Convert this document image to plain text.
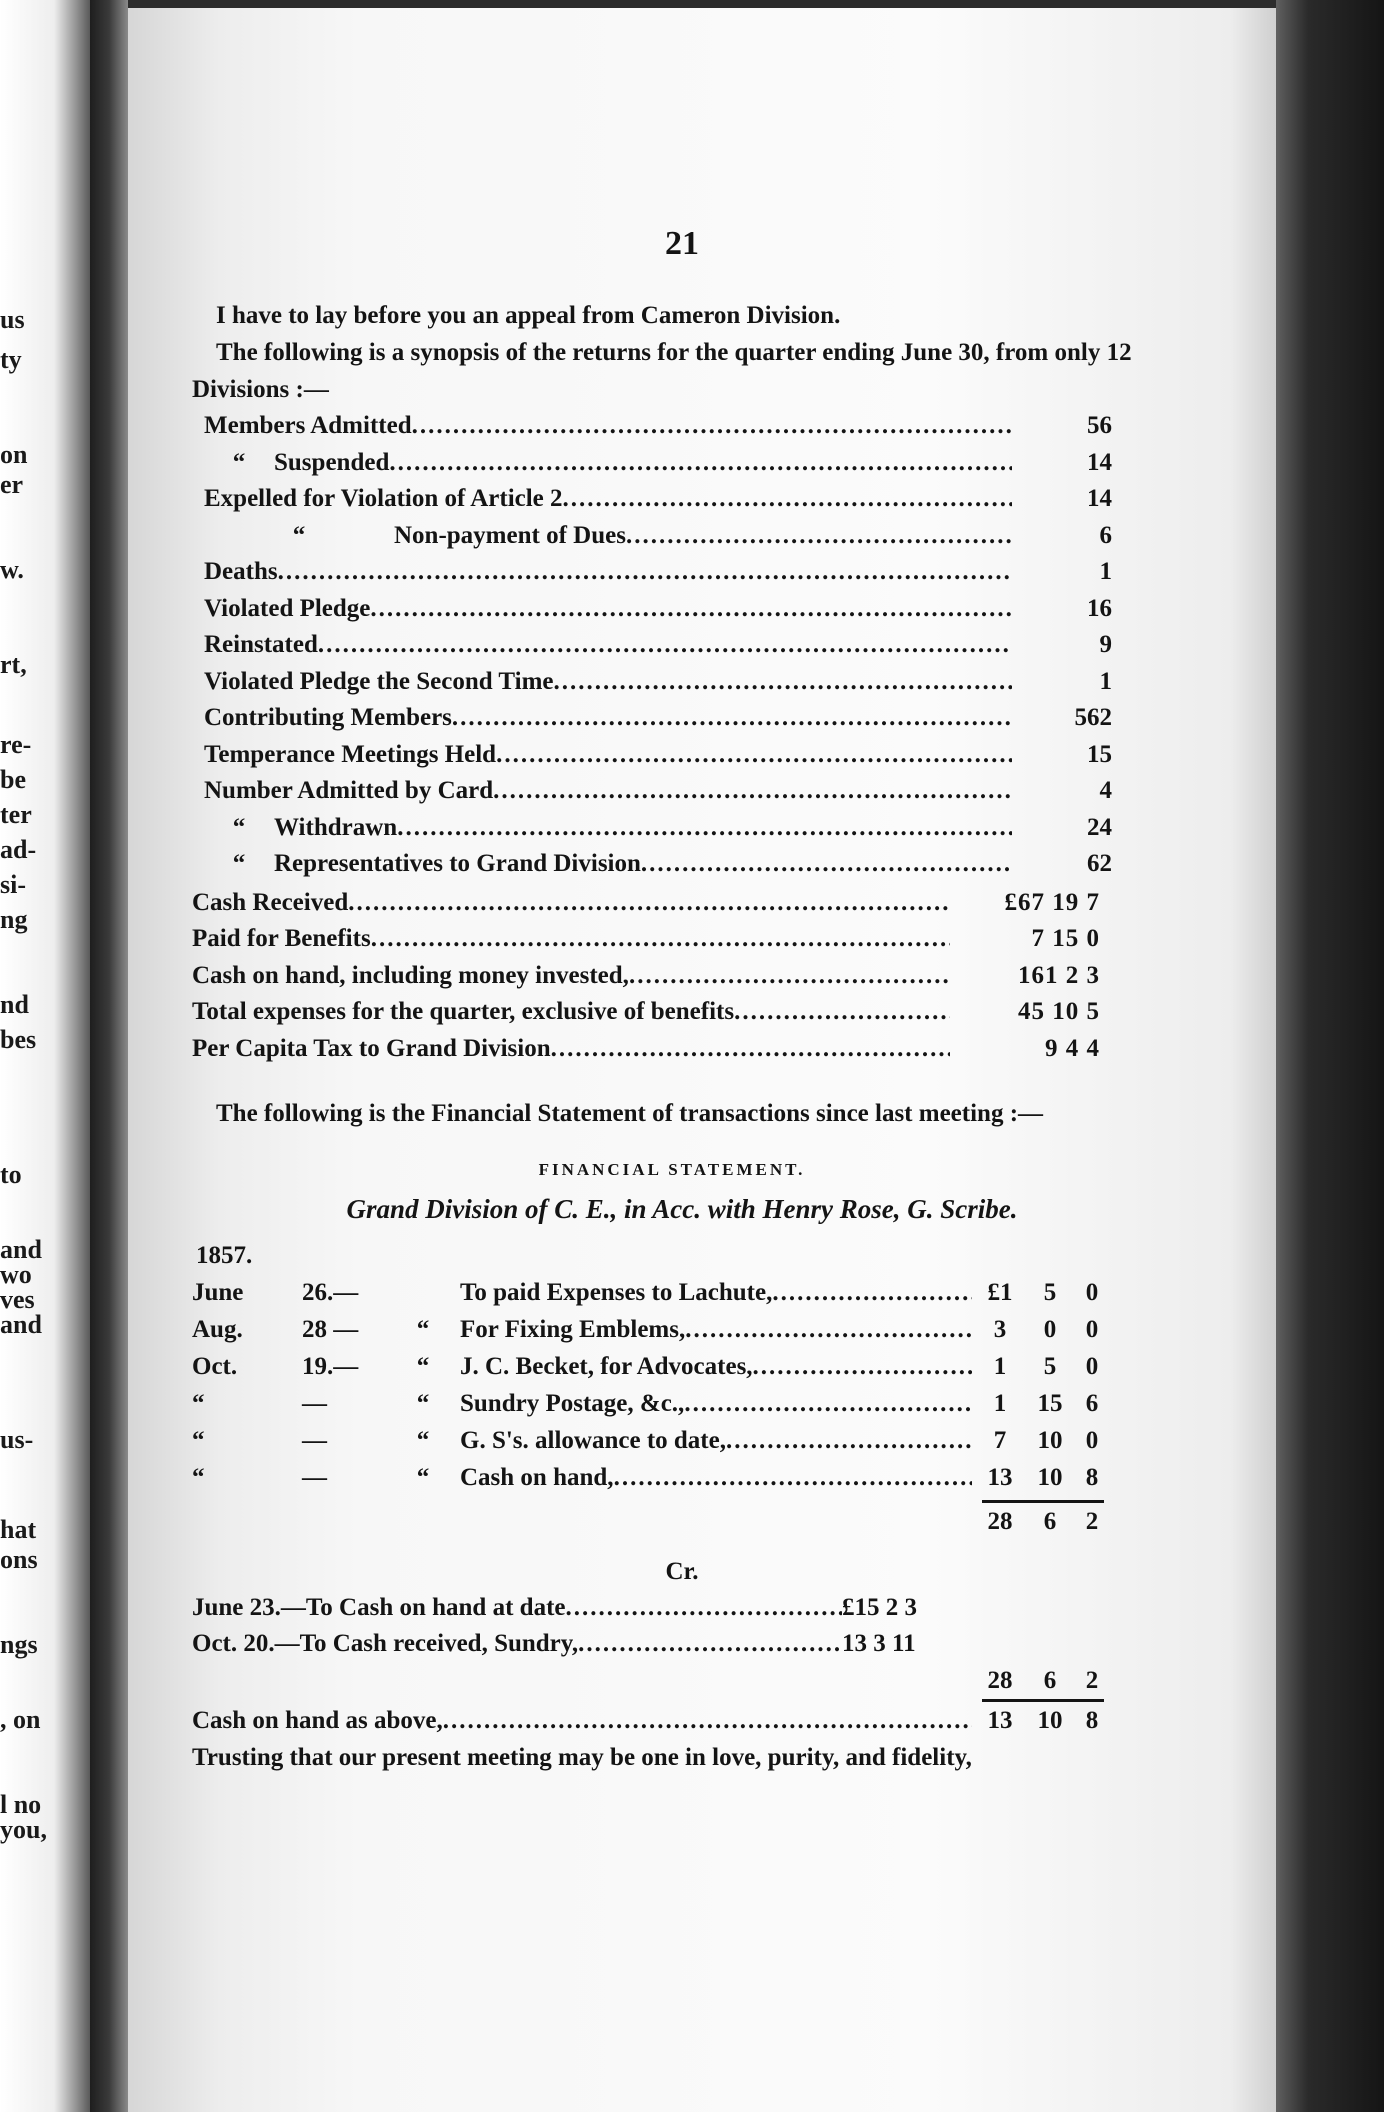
us
ty
on
er
w.
rt,
re-
be
ter
ad-
si-
ng
nd
bes
to
and
wo
ves
and
us-
hat
ons
ngs
, on
l no
you,
21

I have to lay before you an appeal from Cameron Division.

The following is a synopsis of the returns for the quarter ending June 30, from only 12 Divisions :—

Members Admitted .....	56
“	Suspended .....	14
Expelled for Violation of Article 2 .....	14
“	Non-payment of Dues .....	6
Deaths .....	1
Violated Pledge .....	16
Reinstated .....	9
Violated Pledge the Second Time .....	1
Contributing Members .....	562
Temperance Meetings Held .....	15
Number Admitted by Card .....	4
“	Withdrawn .....	24
“	Representatives to Grand Division .....	62
Cash Received .....	£67 19 7
Paid for Benefits .....	7 15 0
Cash on hand, including money invested, .....	161 2 3
Total expenses for the quarter, exclusive of benefits .....	45 10 5
Per Capita Tax to Grand Division .....	9 4 4

The following is the Financial Statement of transactions since last meeting :—

FINANCIAL STATEMENT.
Grand Division of C. E., in Acc. with Henry Rose, G. Scribe.
1857.
June	26.—	To paid Expenses to Lachute, .....	£1	5	0
Aug.	28 —	“	For Fixing Emblems, .....	3	0	0
Oct.	19.—	“	J. C. Becket, for Advocates, .....	1	5	0
“	—	“	Sundry Postage, &c., .....	1	15 6
“	—	“	G. S's. allowance to date, .....	7	10 0
“	—	“	Cash on hand, .....	13	10 8
28	6	2
Cr.
June 23.—To Cash on hand at date .....	£15 2 3
Oct. 20.—To Cash received, Sundry, .....	13 3 11
28	6	2
Cash on hand as above, .....	13	10 8

Trusting that our present meeting may be one in love, purity, and fidelity,
